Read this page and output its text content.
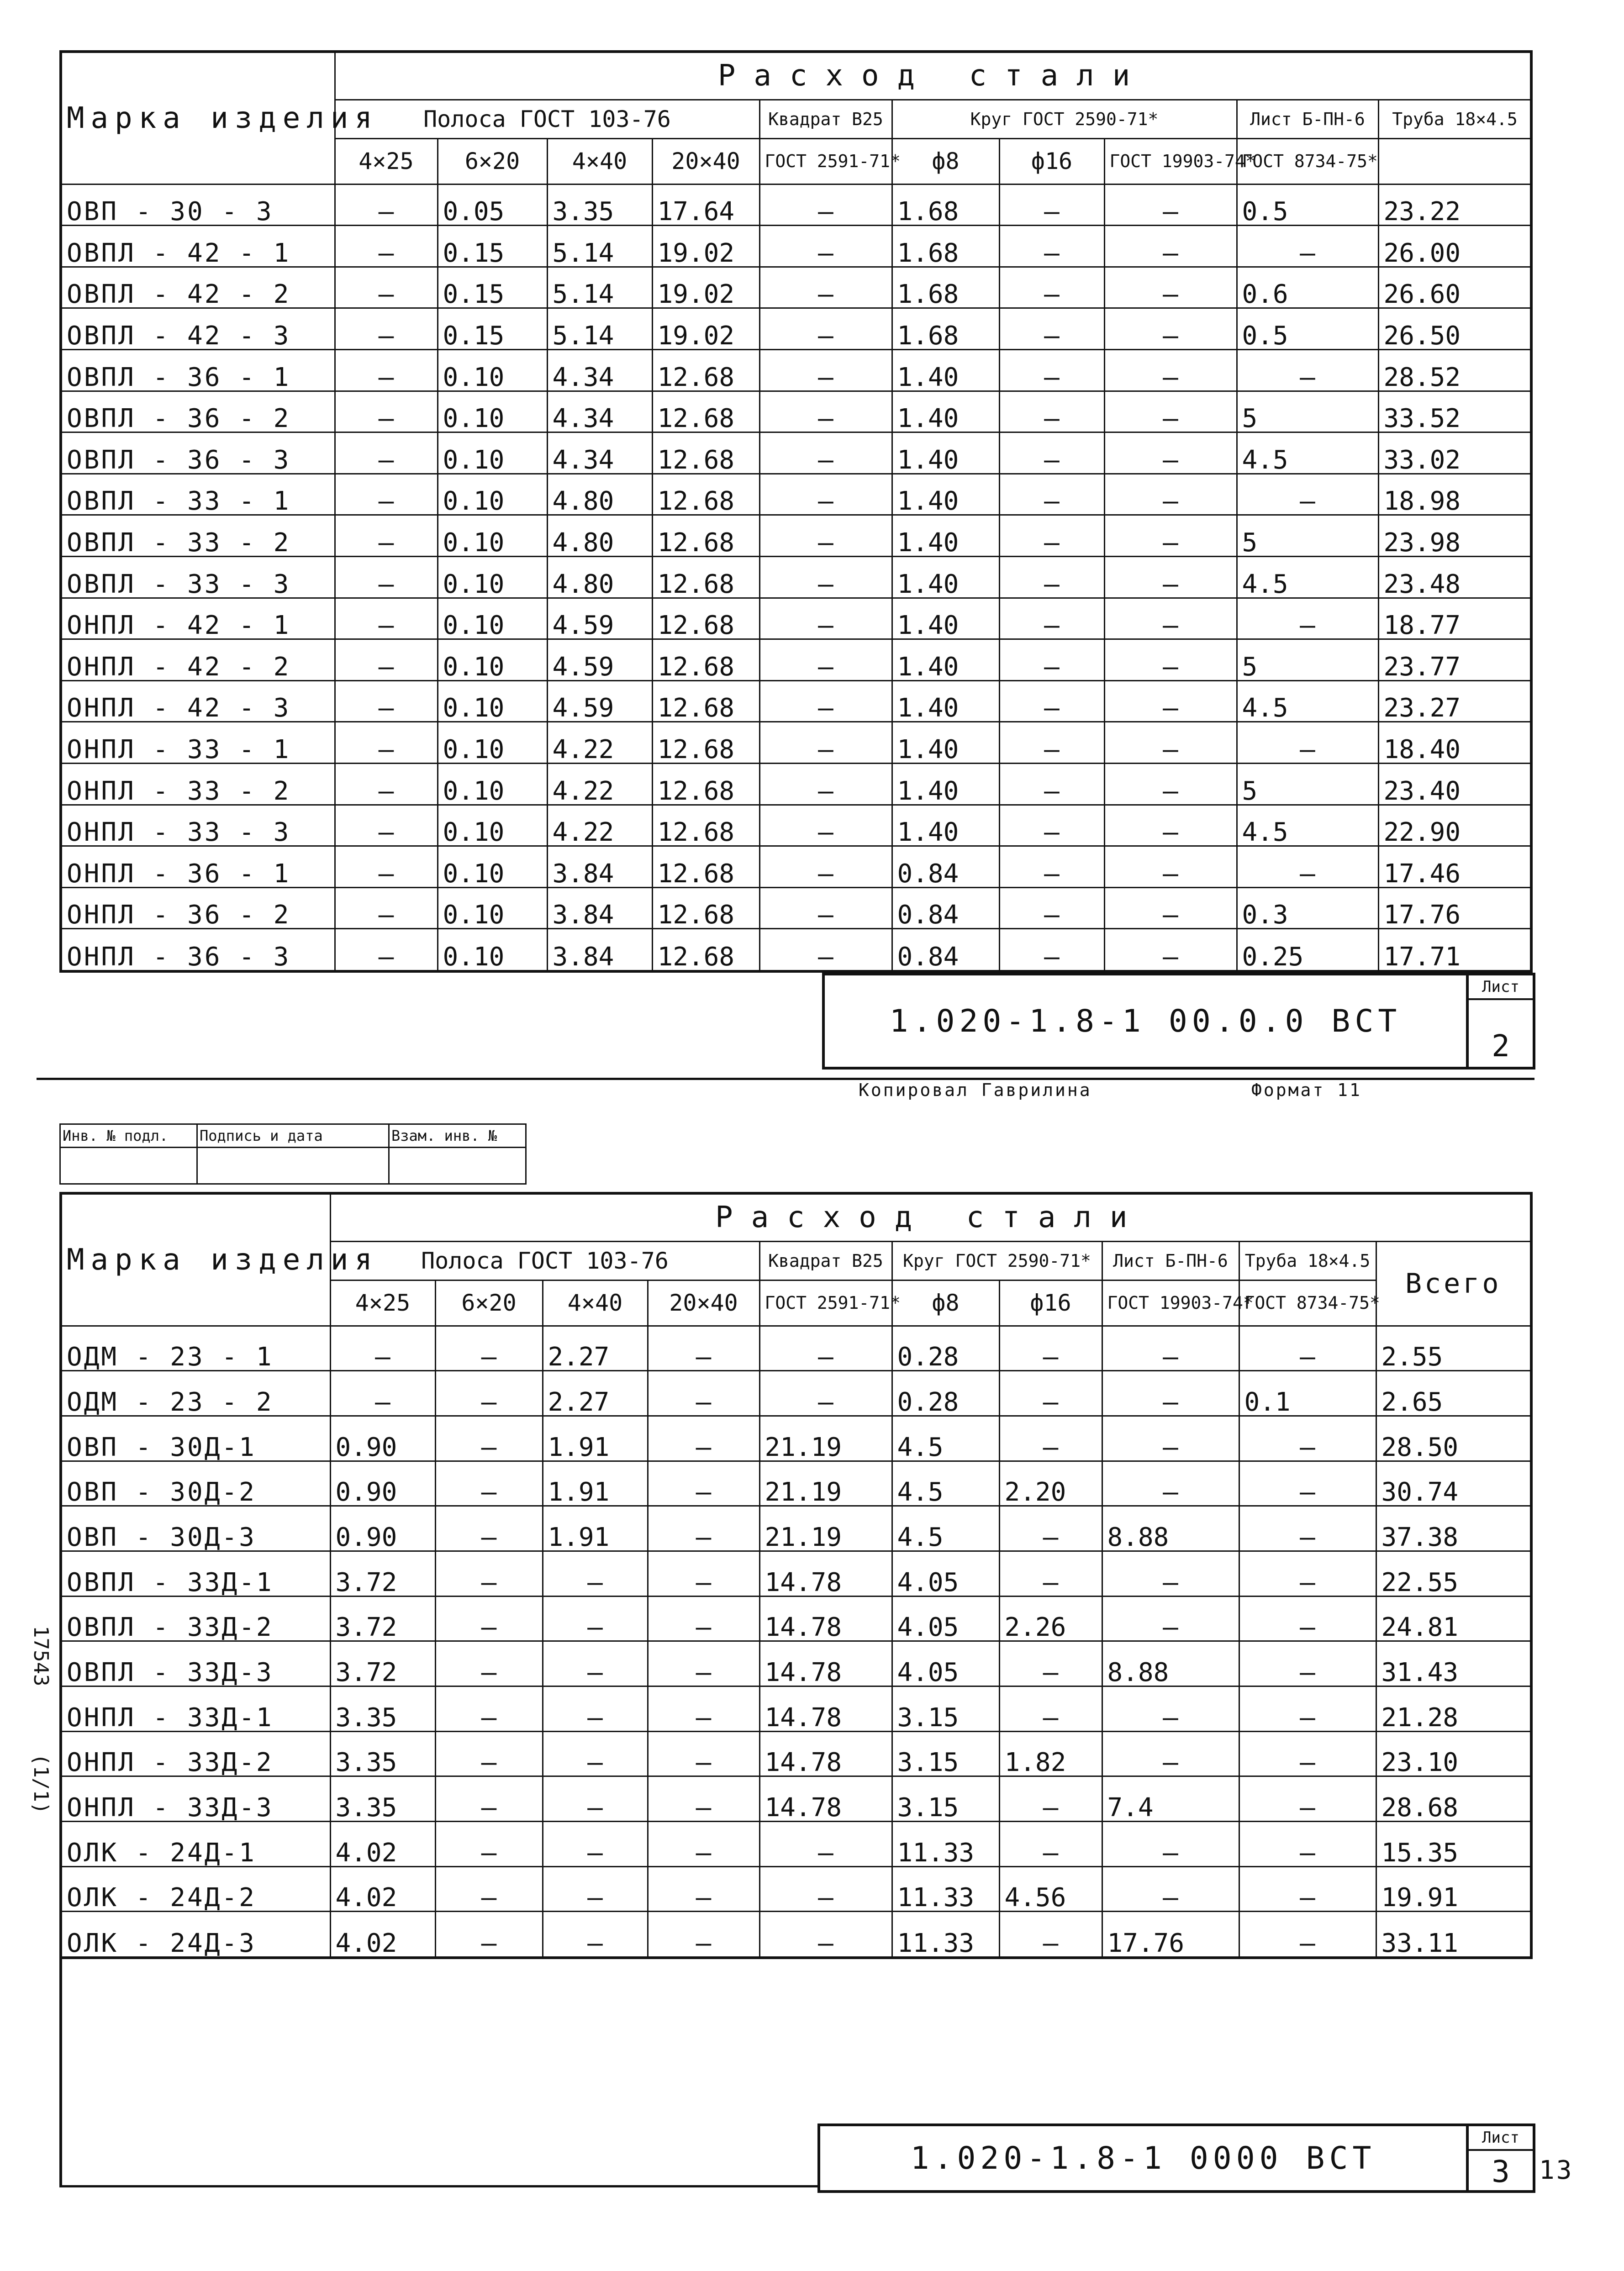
Марка изделия	Расход стали										
	Полоса ГОСТ 103-76				Квадрат В25	Круг ГОСТ 2590-71*			Лист Б-ПН-6	Труба 18×4.5	
	4×25	6×20	4×40	20×40	ГОСТ 2591-71*	ф8	ф16	ГОСТ 19903-74*	ГОСТ 8734-75*		
ОВП - 30 - 3	—	0.05	3.35	17.64	—	1.68	—	—	0.5	23.22	
ОВПЛ - 42 - 1	—	0.15	5.14	19.02	—	1.68	—	—	—	26.00	
ОВПЛ - 42 - 2	—	0.15	5.14	19.02	—	1.68	—	—	0.6	26.60	
ОВПЛ - 42 - 3	—	0.15	5.14	19.02	—	1.68	—	—	0.5	26.50	
ОВПЛ - 36 - 1	—	0.10	4.34	12.68	—	1.40	—	—	—	28.52	
ОВПЛ - 36 - 2	—	0.10	4.34	12.68	—	1.40	—	—	5	33.52	
ОВПЛ - 36 - 3	—	0.10	4.34	12.68	—	1.40	—	—	4.5	33.02	
ОВПЛ - 33 - 1	—	0.10	4.80	12.68	—	1.40	—	—	—	18.98	
ОВПЛ - 33 - 2	—	0.10	4.80	12.68	—	1.40	—	—	5	23.98	
ОВПЛ - 33 - 3	—	0.10	4.80	12.68	—	1.40	—	—	4.5	23.48	
ОНПЛ - 42 - 1	—	0.10	4.59	12.68	—	1.40	—	—	—	18.77	
ОНПЛ - 42 - 2	—	0.10	4.59	12.68	—	1.40	—	—	5	23.77	
ОНПЛ - 42 - 3	—	0.10	4.59	12.68	—	1.40	—	—	4.5	23.27	
ОНПЛ - 33 - 1	—	0.10	4.22	12.68	—	1.40	—	—	—	18.40	
ОНПЛ - 33 - 2	—	0.10	4.22	12.68	—	1.40	—	—	5	23.40	
ОНПЛ - 33 - 3	—	0.10	4.22	12.68	—	1.40	—	—	4.5	22.90	
ОНПЛ - 36 - 1	—	0.10	3.84	12.68	—	0.84	—	—	—	17.46	
ОНПЛ - 36 - 2	—	0.10	3.84	12.68	—	0.84	—	—	0.3	17.76	
ОНПЛ - 36 - 3	—	0.10	3.84	12.68	—	0.84	—	—	0.25	17.71	
1.020-1.8-1 00.0.0 ВСТ
Лист
2
Копировал Гаврилина	Формат 11
Инв. № подл.	Подпись и дата	Взам. инв. №

Марка изделия	Расход стали									
	Полоса ГОСТ 103-76				Квадрат В25	Круг ГОСТ 2590-71*		Лист Б-ПН-6	Труба 18×4.5	Всего
	4×25	6×20	4×40	20×40	ГОСТ 2591-71*	ф8	ф16	ГОСТ 19903-74*	ГОСТ 8734-75*	
ОДМ - 23 - 1	—	—	2.27	—	—	0.28	—	—	—	2.55
ОДМ - 23 - 2	—	—	2.27	—	—	0.28	—	—	0.1	2.65
ОВП - 30Д-1	0.90	—	1.91	—	21.19	4.5	—	—	—	28.50
ОВП - 30Д-2	0.90	—	1.91	—	21.19	4.5	2.20	—	—	30.74
ОВП - 30Д-3	0.90	—	1.91	—	21.19	4.5	—	8.88	—	37.38
ОВПЛ - 33Д-1	3.72	—	—	—	14.78	4.05	—	—	—	22.55
ОВПЛ - 33Д-2	3.72	—	—	—	14.78	4.05	2.26	—	—	24.81
ОВПЛ - 33Д-3	3.72	—	—	—	14.78	4.05	—	8.88	—	31.43
ОНПЛ - 33Д-1	3.35	—	—	—	14.78	3.15	—	—	—	21.28
ОНПЛ - 33Д-2	3.35	—	—	—	14.78	3.15	1.82	—	—	23.10
ОНПЛ - 33Д-3	3.35	—	—	—	14.78	3.15	—	7.4	—	28.68
ОЛК - 24Д-1	4.02	—	—	—	—	11.33	—	—	—	15.35
ОЛК - 24Д-2	4.02	—	—	—	—	11.33	4.56	—	—	19.91
ОЛК - 24Д-3	4.02	—	—	—	—	11.33	—	17.76	—	33.11
1.020-1.8-1 0000 ВСТ
Лист
3
17543
(1/1)
13
